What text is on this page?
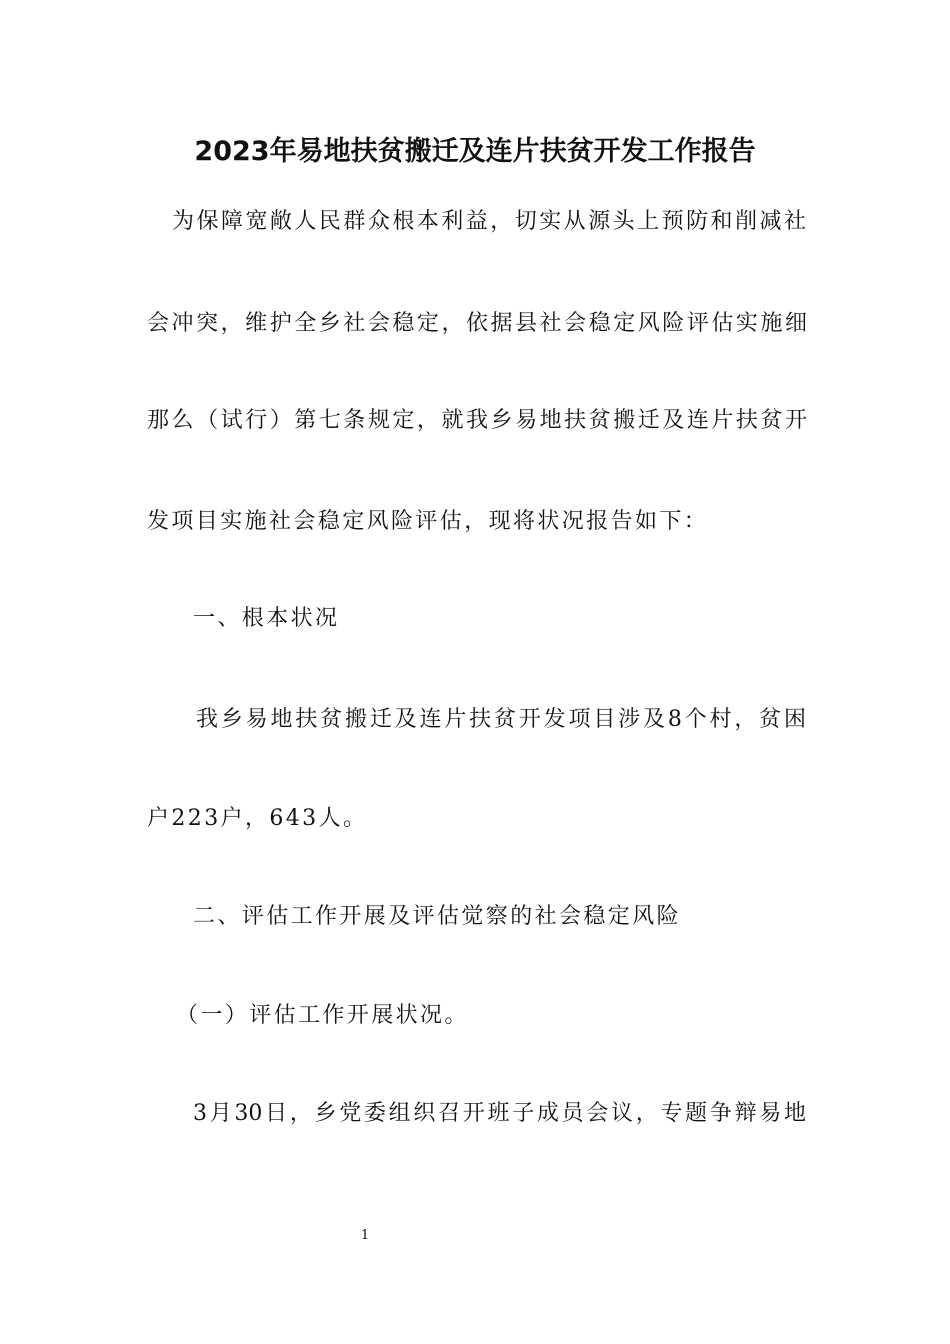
2023年易地扶贫搬迁及连片扶贫开发工作报告

为保障宽敞人民群众根本利益，切实从源头上预防和削减社

会冲突，维护全乡社会稳定，依据县社会稳定风险评估实施细

那么（试行）第七条规定，就我乡易地扶贫搬迁及连片扶贫开

发项目实施社会稳定风险评估，现将状况报告如下：

一、根本状况

我乡易地扶贫搬迁及连片扶贫开发项目涉及8个村，贫困

户223户，643人。

二、评估工作开展及评估觉察的社会稳定风险

（一）评估工作开展状况。

3月30日，乡党委组织召开班子成员会议，专题争辩易地

1
